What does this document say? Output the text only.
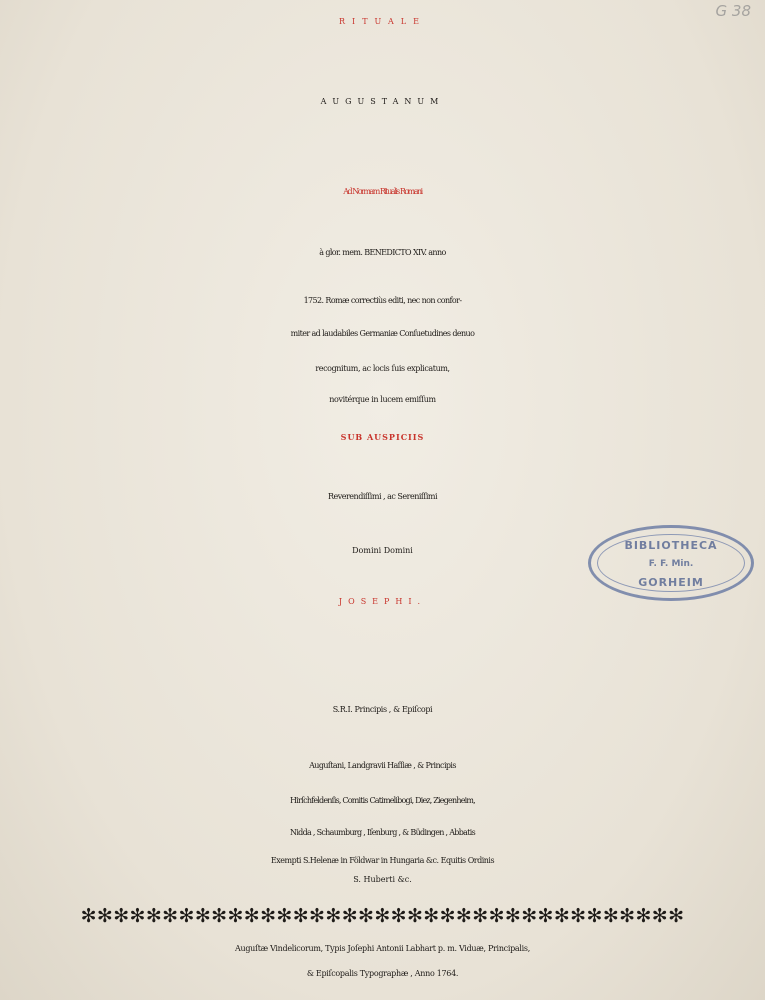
G 38
RITUALE
AUGUSTANUM
Ad Normam Ritualis Romani
à glor. mem. BENEDICTO XIV. anno
1752. Romæ correctiùs editi, nec non confor-
miter ad laudabiles Germaniæ Conſuetudines denuo
recognitum, ac locis ſuis explicatum,
novitérque in lucem emiſſum
SUB AUSPICIIS
Reverendiſſimi , ac Sereniſſimi
Domini Domini
JOSEPHI.
S.R.I. Principis , & Epiſcopi
Auguſtani, Landgravii Haſſiæ , & Principis
Hirſchfeldenſis, Comitis Catimelibogi, Diez, Ziegenheim,
Nidda , Schaumburg , Iſenburg , & Büdingen , Abbatis
Exempti S.Helenæ in Földwar in Hungaria &c. Equitis Ordinis
S. Huberti &c.
✻✻✻✻✻✻✻✻✻✻✻✻✻✻✻✻✻✻✻✻✻✻✻✻✻✻✻✻✻✻✻✻✻✻✻✻✻
Auguſtæ Vindelicorum, Typis Joſephi Antonii Labhart p. m. Viduæ, Principalis,
& Epiſcopalis Typographæ , Anno 1764.
BIBLIOTHECA
F. F. Min.
GORHEIM
